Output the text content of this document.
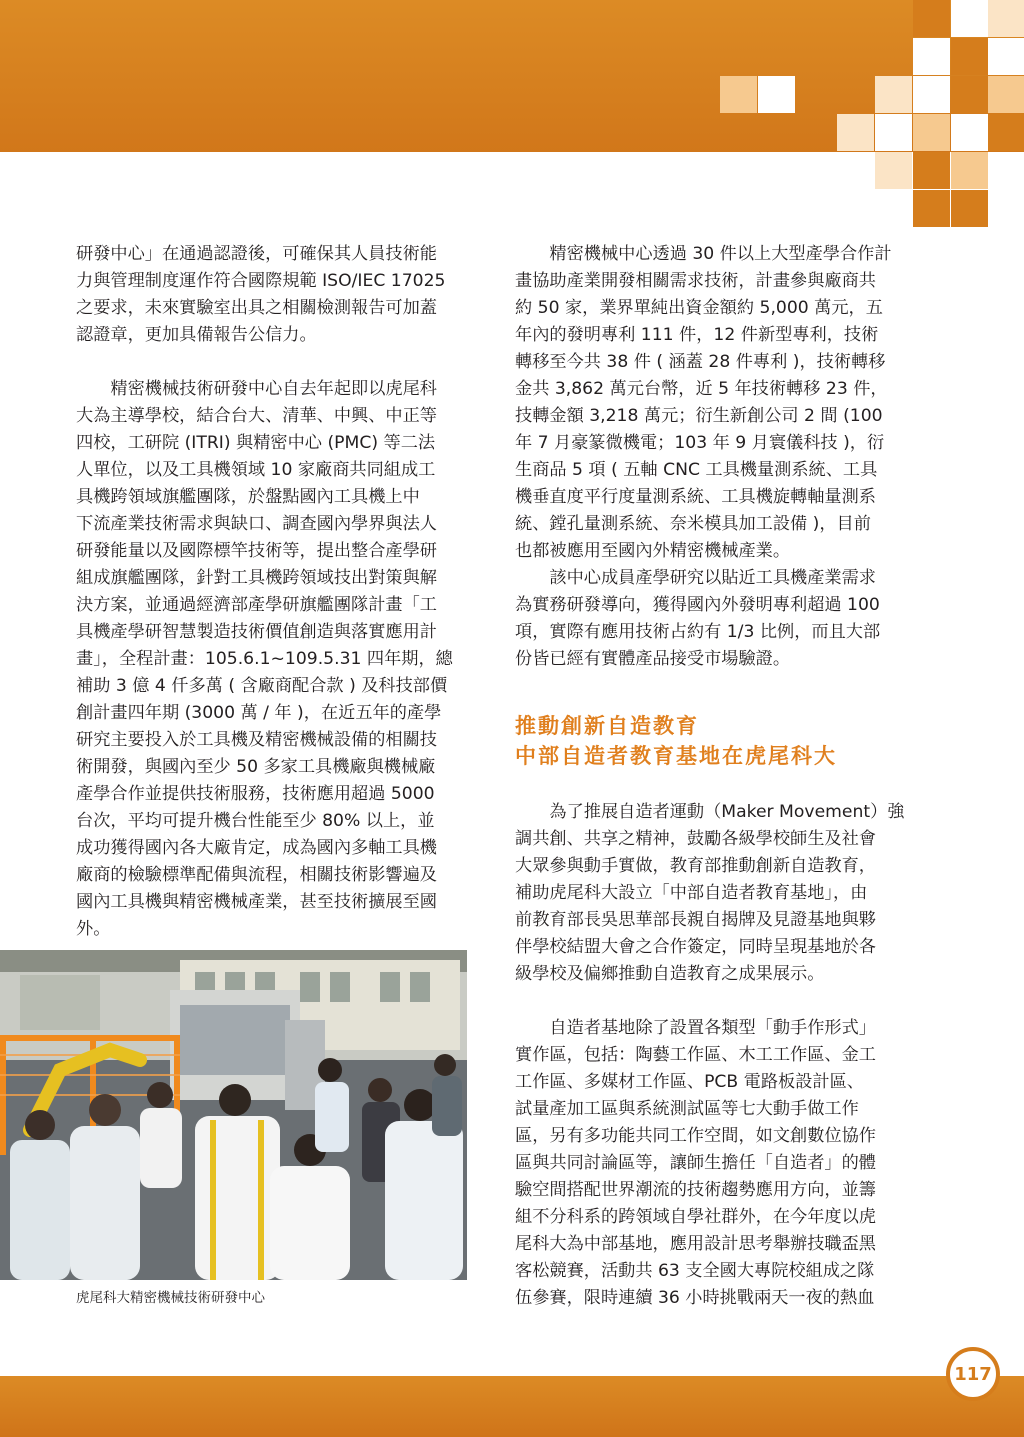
研發中心」在通過認證後，可確保其人員技術能
力與管理制度運作符合國際規範 ISO/IEC 17025
之要求，未來實驗室出具之相關檢測報告可加蓋
認證章，更加具備報告公信力。

　　精密機械技術研發中心自去年起即以虎尾科
大為主導學校，結合台大、清華、中興、中正等
四校，工研院 (ITRI) 與精密中心 (PMC) 等二法
人單位，以及工具機領域 10 家廠商共同組成工
具機跨領域旗艦團隊，於盤點國內工具機上中
下流產業技術需求與缺口、調查國內學界與法人
研發能量以及國際標竿技術等，提出整合產學研
組成旗艦團隊，針對工具機跨領域技出對策與解
決方案，並通過經濟部產學研旗艦團隊計畫「工
具機產學研智慧製造技術價值創造與落實應用計
畫」，全程計畫：105.6.1~109.5.31 四年期，總
補助 3 億 4 仟多萬 ( 含廠商配合款 ) 及科技部價
創計畫四年期 (3000 萬 / 年 )，在近五年的產學
研究主要投入於工具機及精密機械設備的相關技
術開發，與國內至少 50 多家工具機廠與機械廠
產學合作並提供技術服務，技術應用超過 5000
台次，平均可提升機台性能至少 80% 以上，並
成功獲得國內各大廠肯定，成為國內多軸工具機
廠商的檢驗標準配備與流程，相關技術影響遍及
國內工具機與精密機械產業，甚至技術擴展至國
外。

虎尾科大精密機械技術研發中心

　　精密機械中心透過 30 件以上大型產學合作計
畫協助產業開發相關需求技術，計畫參與廠商共
約 50 家，業界單純出資金額約 5,000 萬元，五
年內的發明專利 111 件，12 件新型專利，技術
轉移至今共 38 件 ( 涵蓋 28 件專利 )，技術轉移
金共 3,862 萬元台幣，近 5 年技術轉移 23 件，
技轉金額 3,218 萬元；衍生新創公司 2 間 (100
年 7 月豪篆微機電；103 年 9 月寰儀科技 )，衍
生商品 5 項 ( 五軸 CNC 工具機量測系統、工具
機垂直度平行度量測系統、工具機旋轉軸量測系
統、鏜孔量測系統、奈米模具加工設備 )，目前
也都被應用至國內外精密機械產業。

　　該中心成員產學研究以貼近工具機產業需求
為實務研發導向，獲得國內外發明專利超過 100
項，實際有應用技術占約有 1/3 比例，而且大部
份皆已經有實體產品接受市場驗證。

推動創新自造教育

中部自造者教育基地在虎尾科大

　　為了推展自造者運動（Maker Movement）強
調共創、共享之精神，鼓勵各級學校師生及社會
大眾參與動手實做，教育部推動創新自造教育，
補助虎尾科大設立「中部自造者教育基地」，由
前教育部長吳思華部長親自揭牌及見證基地與夥
伴學校結盟大會之合作簽定，同時呈現基地於各
級學校及偏鄉推動自造教育之成果展示。

　　自造者基地除了設置各類型「動手作形式」
實作區，包括：陶藝工作區、木工工作區、金工
工作區、多媒材工作區、PCB 電路板設計區、
試量產加工區與系統測試區等七大動手做工作
區，另有多功能共同工作空間，如文創數位協作
區與共同討論區等，讓師生擔任「自造者」的體
驗空間搭配世界潮流的技術趨勢應用方向，並籌
組不分科系的跨領域自學社群外，在今年度以虎
尾科大為中部基地，應用設計思考舉辦技職盃黑
客松競賽，活動共 63 支全國大專院校組成之隊
伍參賽，限時連續 36 小時挑戰兩天一夜的熱血

117
